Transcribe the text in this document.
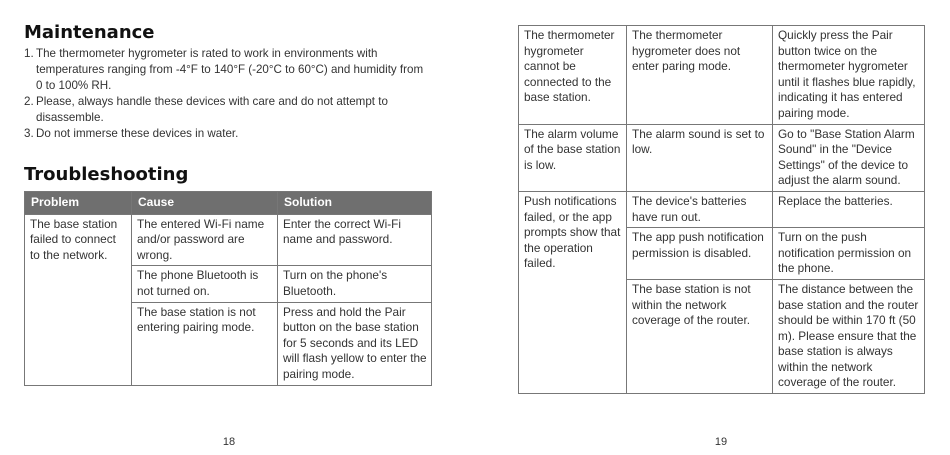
Maintenance
1. The thermometer hygrometer is rated to work in environments with temperatures ranging from -4°F to 140°F (-20°C to 60°C) and humidity from 0 to 100% RH.
2. Please, always handle these devices with care and do not attempt to disassemble.
3. Do not immerse these devices in water.
Troubleshooting
Problem	Cause	Solution
The base station failed to connect to the network.	The entered Wi-Fi name and/or password are wrong.	Enter the correct Wi-Fi name and password.
	The phone Bluetooth is not turned on.	Turn on the phone's Bluetooth.
	The base station is not entering pairing mode.	Press and hold the Pair button on the base station for 5 seconds and its LED will flash yellow to enter the pairing mode.
18
The thermometer hygrometer cannot be connected to the base station.	The thermometer hygrometer does not enter paring mode.	Quickly press the Pair button twice on the thermometer hygrometer until it flashes blue rapidly, indicating it has entered pairing mode.
The alarm volume of the base station is low.	The alarm sound is set to low.	Go to "Base Station Alarm Sound" in the "Device Settings" of the device to adjust the alarm sound.
Push notifications failed, or the app prompts show that the operation failed.	The device's batteries have run out.	Replace the batteries.
	The app push notification permission is disabled.	Turn on the push notification permission on the phone.
	The base station is not within the network coverage of the router.	The distance between the base station and the router should be within 170 ft (50 m). Please ensure that the base station is always within the network coverage of the router.
19
